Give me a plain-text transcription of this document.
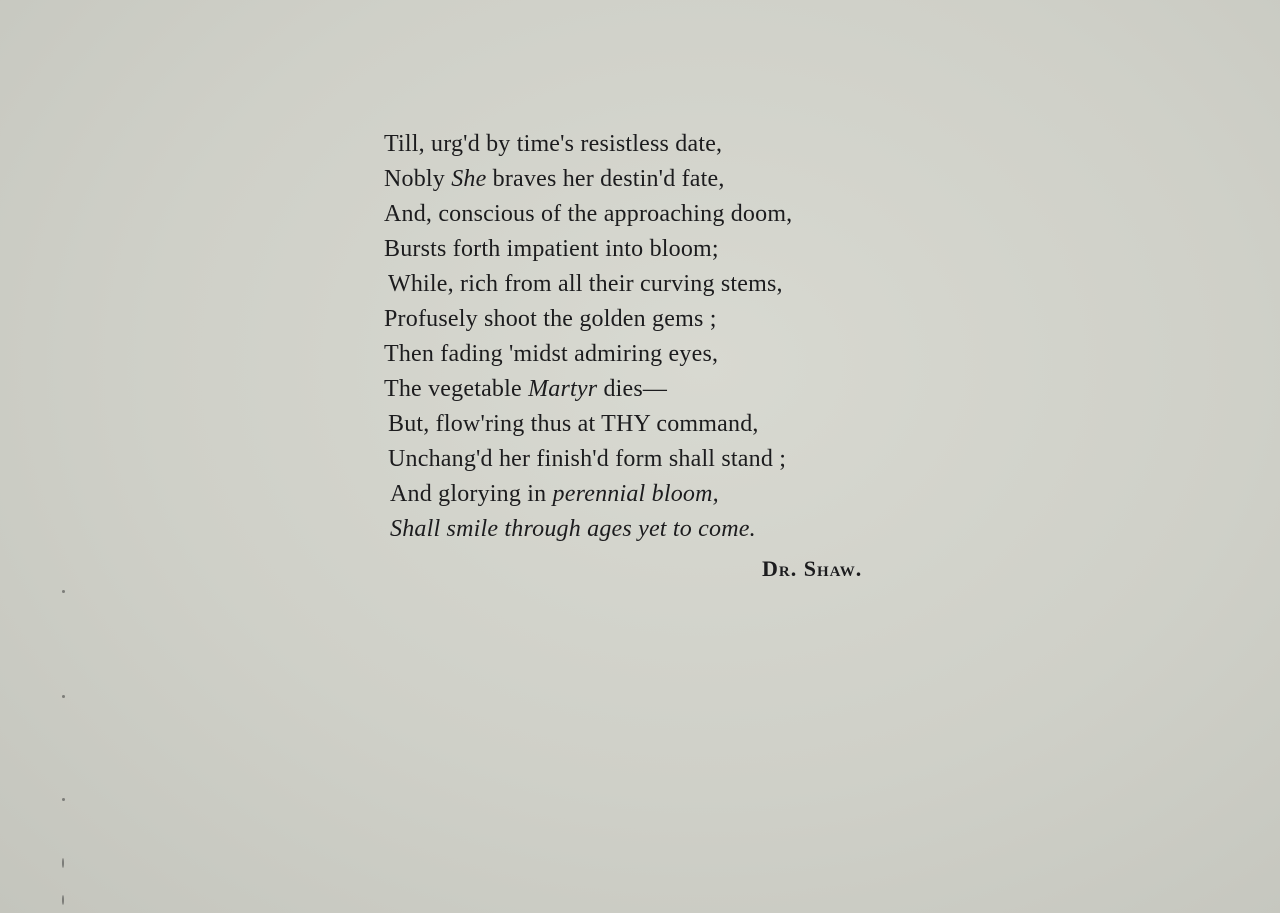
Till, urg'd by time's resistless date,
Nobly She braves her destin'd fate,
And, conscious of the approaching doom,
Bursts forth impatient into bloom;
While, rich from all their curving stems,
Profusely shoot the golden gems ;
Then fading 'midst admiring eyes,
The vegetable Martyr dies—
But, flow'ring thus at THY command,
Unchang'd her finish'd form shall stand ;
And glorying in perennial bloom,
Shall smile through ages yet to come.
Dr. Shaw.
